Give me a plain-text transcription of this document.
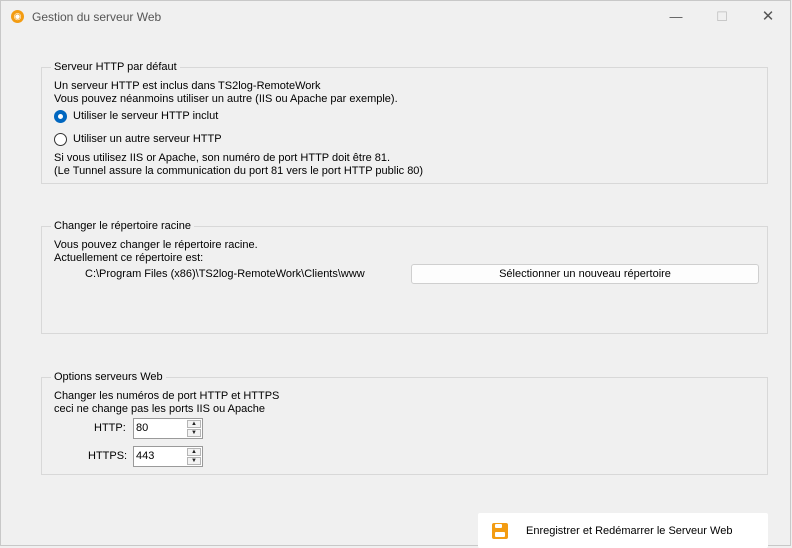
◉ Gestion du serveur Web	—	☐	✕
Serveur HTTP par défaut
Un serveur HTTP est inclus dans TS2log-RemoteWork
Vous pouvez néanmoins utiliser un autre (IIS ou Apache par exemple).
Utiliser le serveur HTTP inclut
Utiliser un autre serveur HTTP
Si vous utilisez IIS or Apache, son numéro de port HTTP doit être 81.
(Le Tunnel assure la communication du port 81 vers le port HTTP public 80)
Changer le répertoire racine
Vous pouvez changer le répertoire racine.
Actuellement ce répertoire est:
C:\Program Files (x86)\TS2log-RemoteWork\Clients\www	Sélectionner un nouveau répertoire
Options serveurs Web
Changer les numéros de port HTTP et HTTPS
ceci ne change pas les ports IIS ou Apache
HTTP: 80	▲
▼
HTTPS: 443	▲
▼
Enregistrer et Redémarrer le Serveur Web
